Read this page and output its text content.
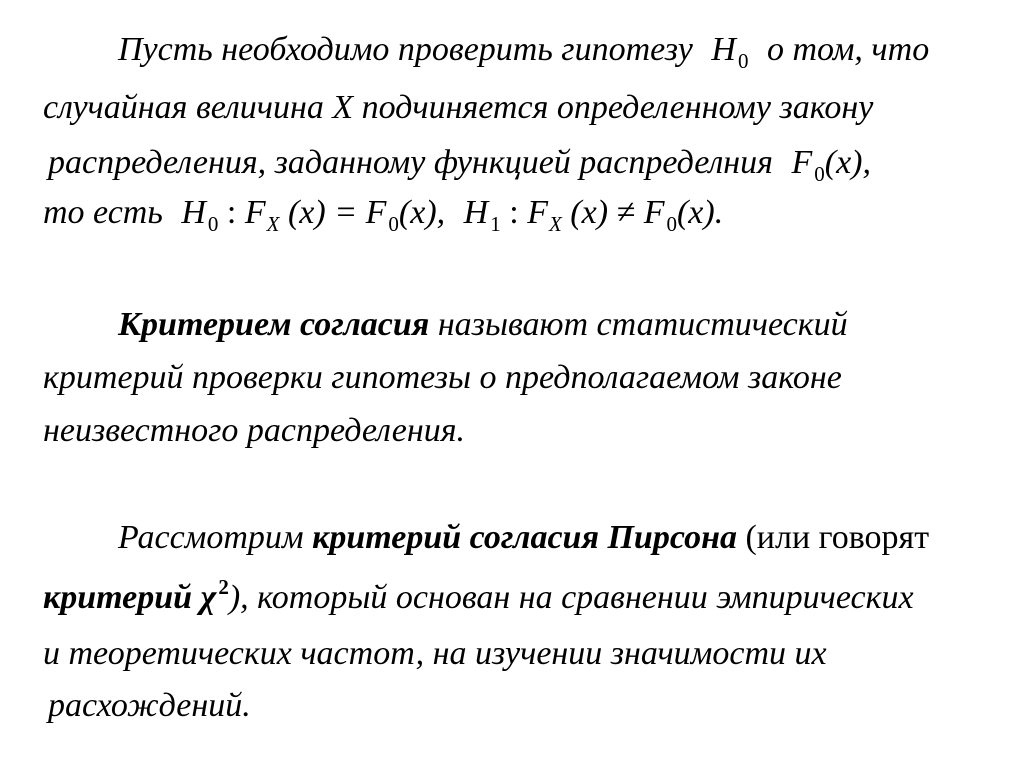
Пусть необходимо проверить гипотезу $H_0$ о том, что
случайная величина X подчиняется определенному закону
распределения, заданному функцией распределния $F_0(x)$,
то есть $H_0$ : $F_X$ $(x) = F_0(x)$, $H_1$ : $F_X$ $(x) \ne F_0(x)$.
Критерием согласия называют статистический
критерий проверки гипотезы о предполагаемом законе
неизвестного распределения.
Рассмотрим критерий согласия Пирсона (или говорят
критерий $\chi^2$), который основан на сравнении эмпирических
и теоретических частот, на изучении значимости их
расхождений.
